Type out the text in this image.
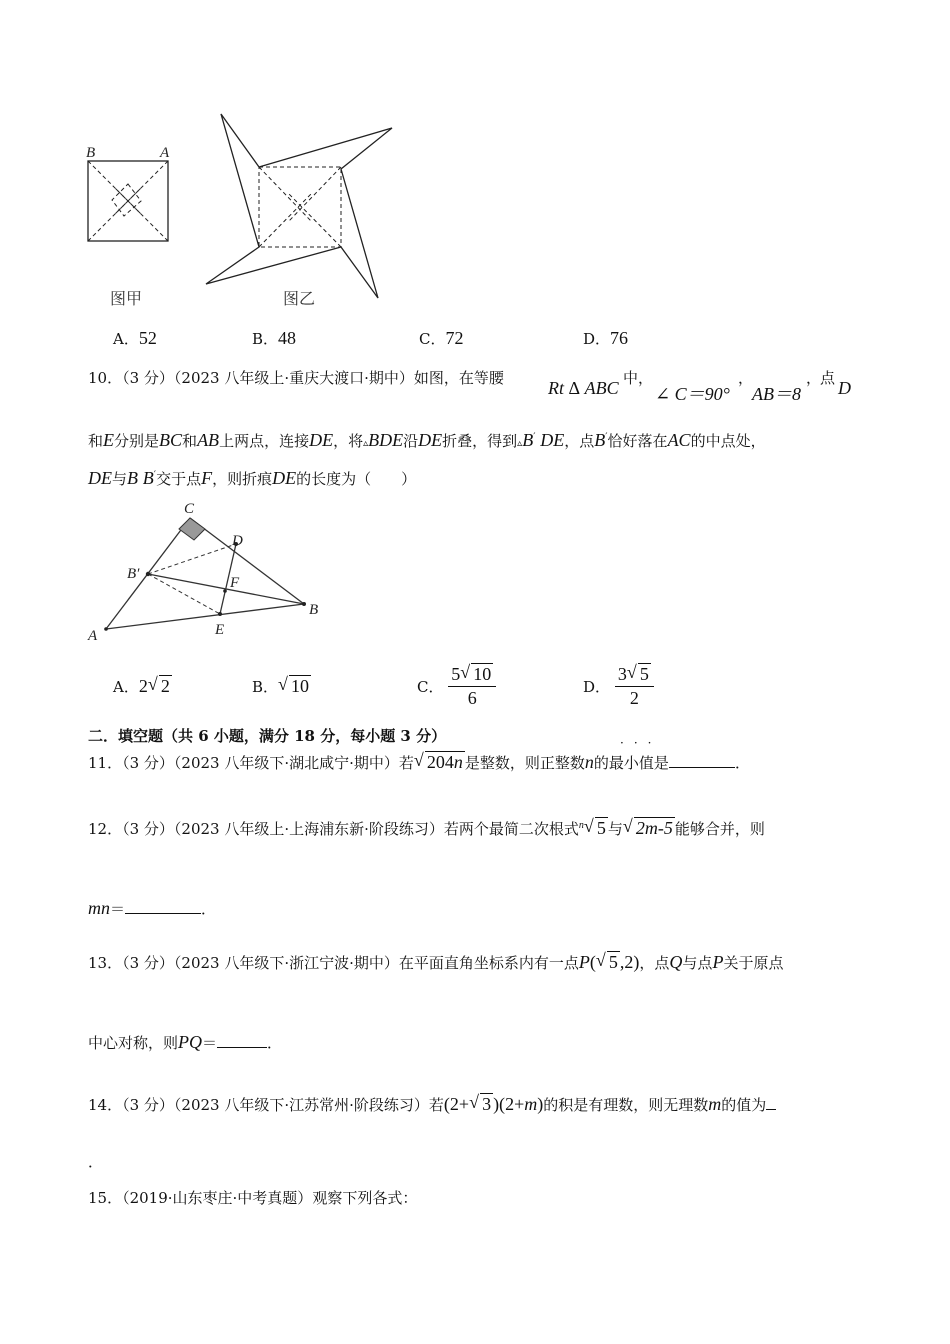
B	A
图甲	图乙
A．52	B．48	C．72	D．76
10．（3 分）（2023 八年级上·重庆大渡口·期中）如图，在等腰 Rt Δ ABC 中，
∠ C＝90°
，
AB＝8
，
点 D
和E分别是BC和AB上两点，连接DE，将▵BDE沿DE折叠，得到▵B′ DE，点B′恰好落在AC的中点处，
DE与B B′交于点F，则折痕DE的长度为（　　）
C
D
B′
F
A	E
B
A．2 √ 2	B． √ 10	C． $\frac{5 √ 10}{6}$	D． $\frac{3 √ 5}{2}$
二．填空题（共 6 小题，满分 18 分，每小题 3 分）	···
11．（3 分）（2023 八年级下·湖北咸宁·期中）若 √ 204n 是整数，则正整数n的最小值是	．
12．（3 分）（2023 八年级上·上海浦东新·阶段练习）若两个最简二次根式$^n$ √ 5 与 √ 2m-5 能够合并，则
mn＝	．
13．（3 分）（2023 八年级下·浙江宁波·期中）在平面直角坐标系内有一点P( √ 5 ,2)，点Q与点P关于原点
中心对称，则PQ＝	．
14．（3 分）（2023 八年级下·江苏常州·阶段练习）若(2+ √ 3 )(2+m)的积是有理数，则无理数m的值为
．
15．（2019·山东枣庄·中考真题）观察下列各式：
